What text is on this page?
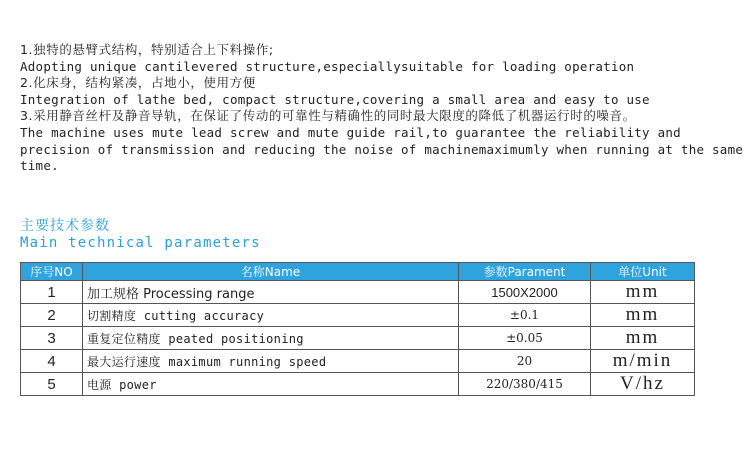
1.独特的悬臂式结构，特别适合上下料操作;
Adopting unique cantilevered structure,especiallysuitable for loading operation
2.化床身，结构紧凑，占地小，使用方便
Integration of lathe bed, compact structure,covering a small area and easy to use
3.采用静音丝杆及静音导轨，在保证了传动的可靠性与精确性的同时最大限度的降低了机器运行时的噪音。
The machine uses mute lead screw and mute guide rail,to guarantee the reliability and precision of transmission and reducing the noise of machinemaximumly when running at the same time.
主要技术参数
Main technical parameters
序号NO	名称Name	参数Parament	单位Unit
1	加工规格 Processing range	1500X2000	mm
2	切割精度 cutting accuracy	±0.1	mm
3	重复定位精度 peated positioning	±0.05	mm
4	最大运行速度 maximum running speed	20	m/min
5	电源 power	220/380/415	V/hz
